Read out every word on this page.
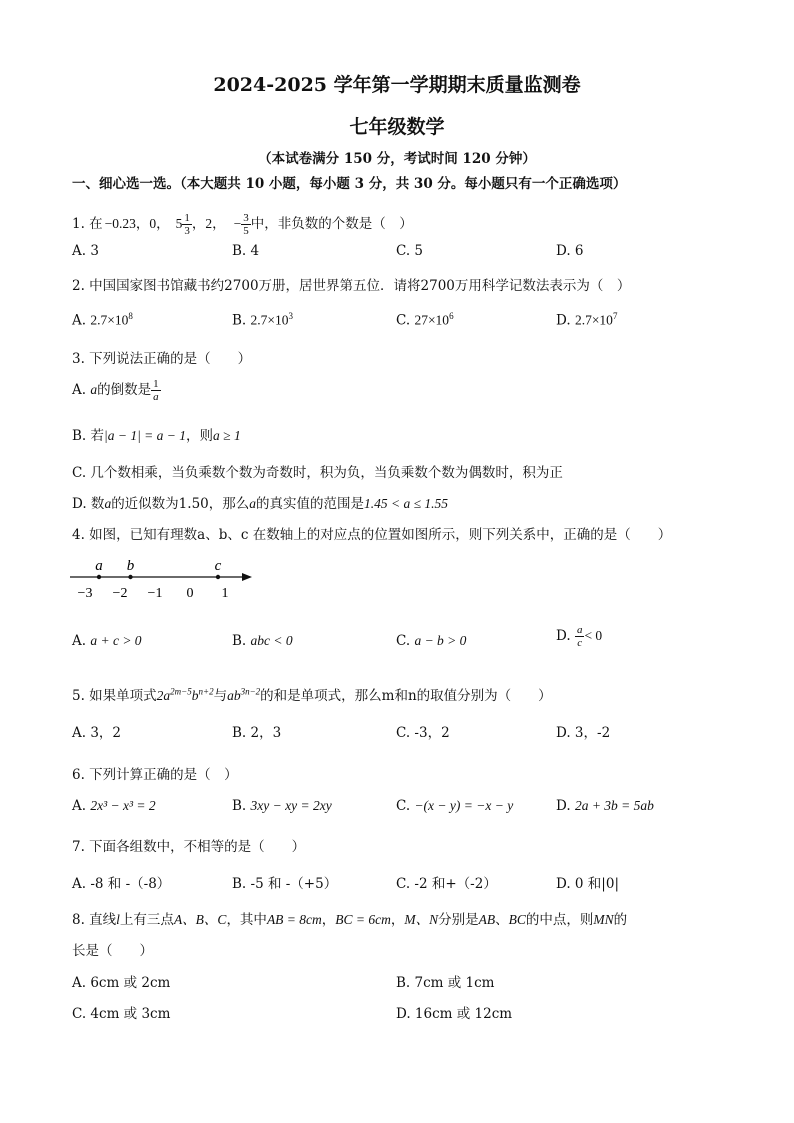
2024-2025 学年第一学期期末质量监测卷
七年级数学
（本试卷满分 150 分，考试时间 120 分钟）
一、细心选一选。（本大题共 10 小题，每小题 3 分，共 30 分。每小题只有一个正确选项）
1. 在 −0.23，0， $5 \frac{1}{3}$ ，2， − $\frac{3}{5}$ 中，非负数的个数是（　）
A. 3	B. 4	C. 5	D. 6
2. 中国国家图书馆藏书约2700万册，居世界第五位．请将2700万用科学记数法表示为（　）
A. $2.7\times 10^8$	B. $2.7\times 10^3$	C. $27\times 10^6$	D. $2.7\times 10^7$
3. 下列说法正确的是（　　）
A. a的倒数是 $\frac{1}{a}$
B. 若|a − 1| = a − 1，则a ≥ 1
C. 几个数相乘，当负乘数个数为奇数时，积为负，当负乘数个数为偶数时，积为正
D. 数a的近似数为1.50，那么a的真实值的范围是1.45 < a ≤ 1.55
4. 如图，已知有理数a、b、c 在数轴上的对应点的位置如图所示，则下列关系中，正确的是（　　）
−3 −2 −1 0 1
a b	c
A. a + c > 0	B. abc < 0	C. a − b > 0	D. $\frac{a}{c} < 0$
5. 如果单项式$2a^{2m-5}b^{n+2}$与$ab^{3n-2}$的和是单项式，那么m和n的取值分别为（　　）
A. 3，2	B. 2，3	C. ‐3，2	D. 3，‐2
6. 下列计算正确的是（　）
A. 2x³ − x³ = 2	B. 3xy − xy = 2xy	C. −(x − y) = −x − y	D. 2a + 3b = 5ab
7. 下面各组数中，不相等的是（　　）
A. ‐8 和 ‐（‐8）	B. ‐5 和 ‐（+5）	C. ‐2 和+（‐2）	D. 0 和|0|
8. 直线l上有三点A、B、C，其中AB = 8cm，BC = 6cm，M、N分别是AB、BC的中点，则MN的
长是（　　）
A. 6cm 或 2cm	B. 7cm 或 1cm
C. 4cm 或 3cm	D. 16cm 或 12cm
